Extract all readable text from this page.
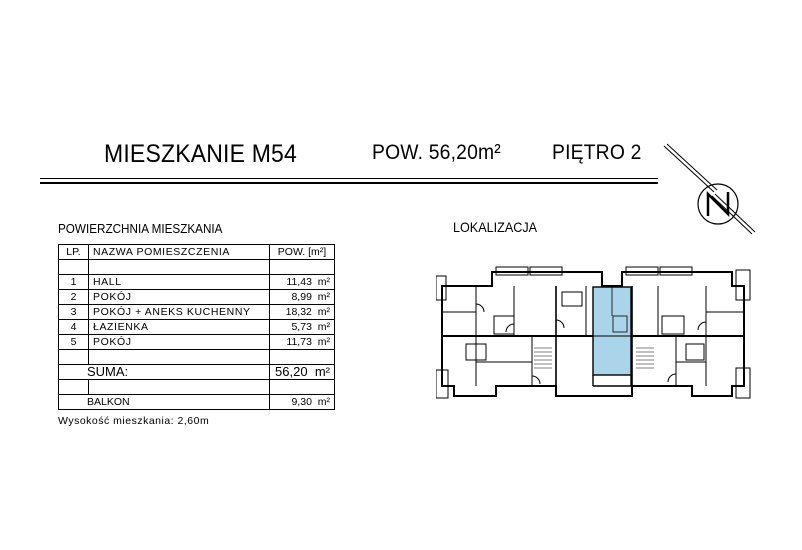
MIESZKANIE M54	POW. 56,20m² PIĘTRO 2
POWIERZCHNIA MIESZKANIA
LP.	NAZWA POMIESZCZENIA	POW. [m²]

1	HALL	11,43 m²
2	POKÓJ	8,99 m²
3	POKÓJ + ANEKS KUCHENNY	18,32 m²
4	ŁAZIENKA	5,73 m²
5	POKÓJ	11,73 m²

SUMA:		56,20 m²

BALKON		9,30 m²
Wysokość mieszkania: 2,60m
LOKALIZACJA
